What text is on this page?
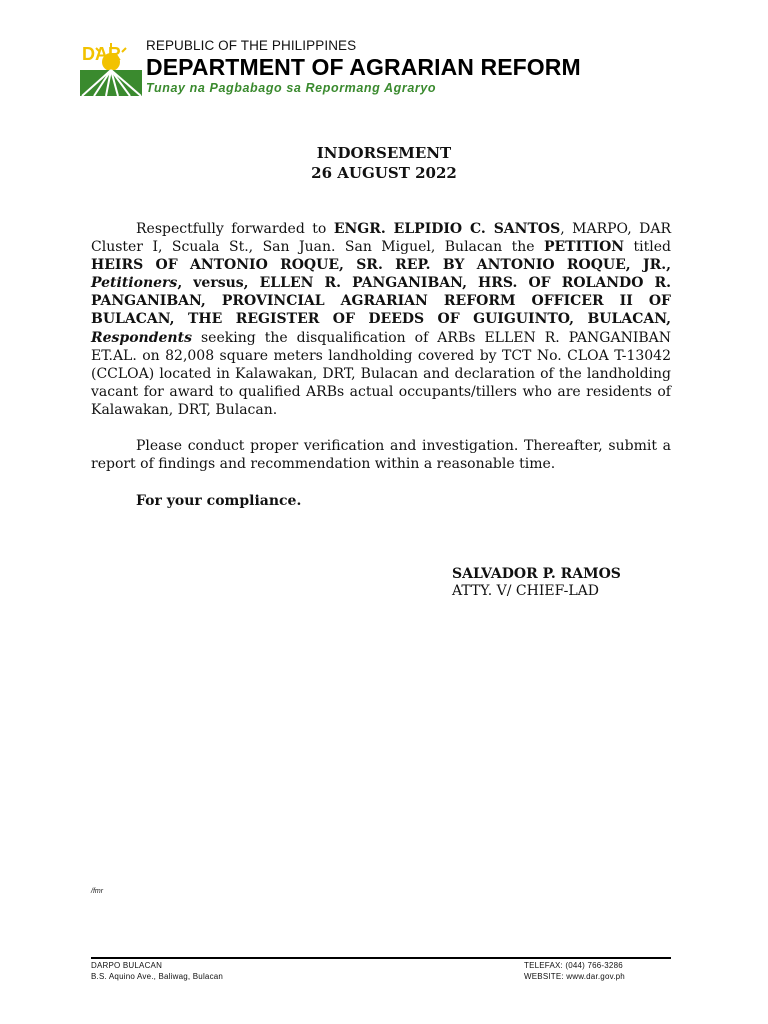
DAR REPUBLIC OF THE PHILIPPINES
DEPARTMENT OF AGRARIAN REFORM
Tunay na Pagbabago sa Repormang Agraryo
INDORSEMENT
26 AUGUST 2022
Respectfully forwarded to ENGR. ELPIDIO C. SANTOS, MARPO, DAR Cluster I, Scuala St., San Juan. San Miguel, Bulacan the PETITION titled HEIRS OF ANTONIO ROQUE, SR. REP. BY ANTONIO ROQUE, JR., Petitioners, versus, ELLEN R. PANGANIBAN, HRS. OF ROLANDO R. PANGANIBAN, PROVINCIAL AGRARIAN REFORM OFFICER II OF BULACAN, THE REGISTER OF DEEDS OF GUIGUINTO, BULACAN, Respondents seeking the disqualification of ARBs ELLEN R. PANGANIBAN ET.AL. on 82,008 square meters landholding covered by TCT No. CLOA T-13042 (CCLOA) located in Kalawakan, DRT, Bulacan and declaration of the landholding vacant for award to qualified ARBs actual occupants/tillers who are residents of Kalawakan, DRT, Bulacan.
Please conduct proper verification and investigation. Thereafter, submit a report of findings and recommendation within a reasonable time.
For your compliance.
SALVADOR P. RAMOS
ATTY. V/ CHIEF-LAD
/fmr
DARPO BULACAN
B.S. Aquino Ave., Baliwag, Bulacan
TELEFAX: (044) 766-3286
WEBSITE: www.dar.gov.ph
